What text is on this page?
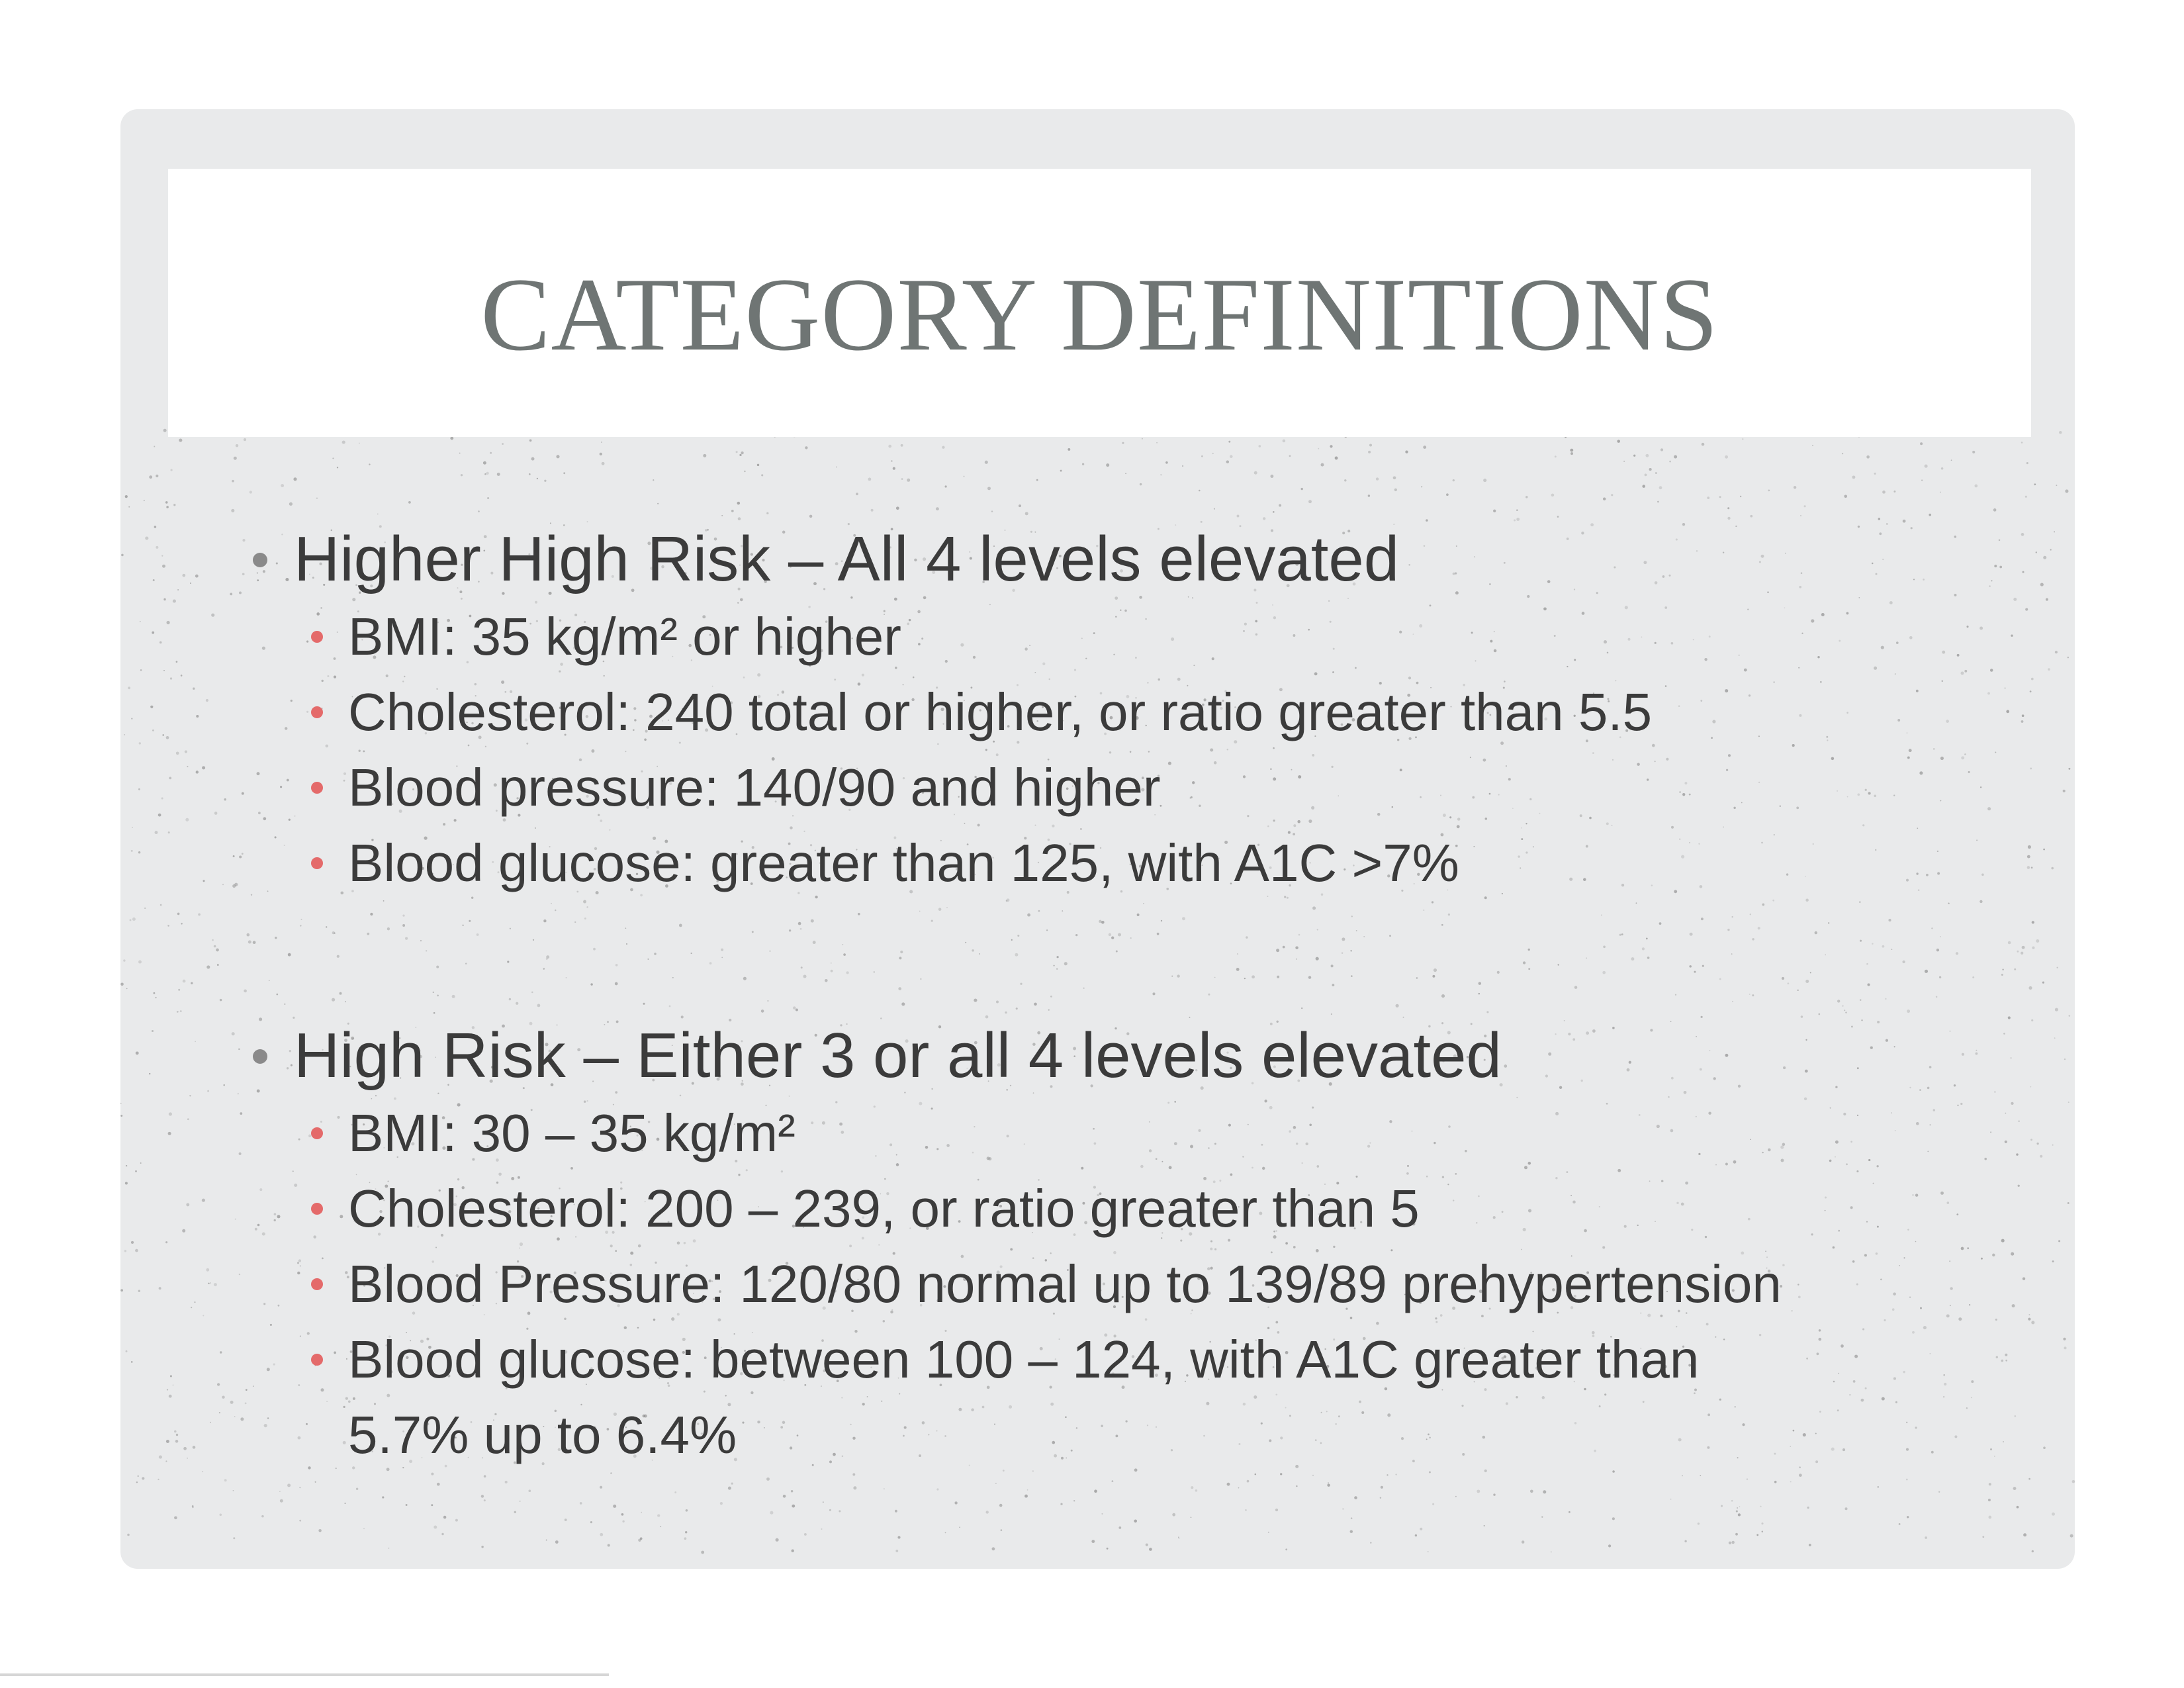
CATEGORY DEFINITIONS
Higher High Risk – All 4 levels elevated
BMI: 35 kg/m² or higher
Cholesterol: 240 total or higher, or ratio greater than 5.5
Blood pressure: 140/90 and higher
Blood glucose: greater than 125, with A1C >7%
High Risk – Either 3 or all 4 levels elevated
BMI: 30 – 35 kg/m²
Cholesterol: 200 – 239, or ratio greater than 5
Blood Pressure: 120/80 normal up to 139/89 prehypertension
Blood glucose: between 100 – 124, with A1C greater than
5.7% up to 6.4%
